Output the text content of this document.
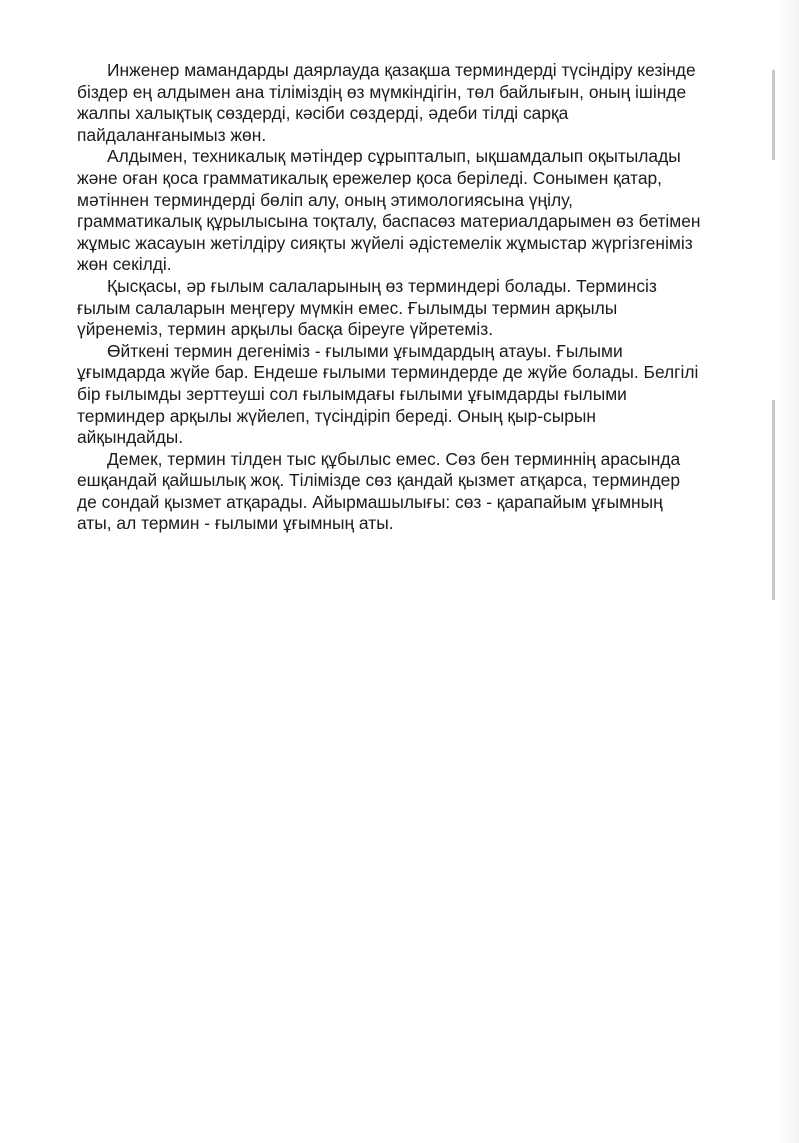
Инженер мамандарды даярлауда қазақша терминдерді түсіндіру кезінде
біздер ең алдымен ана тіліміздің өз мүмкіндігін, төл байлығын, оның ішінде
жалпы халықтық сөздерді, кәсіби сөздерді, әдеби тілді сарқа
пайдаланғанымыз жөн.

Алдымен, техникалық мәтіндер сұрыпталып, ықшамдалып оқытылады
және оған қоса грамматикалық ережелер қоса беріледі. Сонымен қатар,
мәтіннен терминдерді бөліп алу, оның этимологиясына үңілу,
грамматикалық құрылысына тоқталу, баспасөз материалдарымен өз бетімен
жұмыс жасауын жетілдіру сияқты жүйелі әдістемелік жұмыстар жүргізгеніміз
жөн секілді.

Қысқасы, әр ғылым салаларының өз терминдері болады. Терминсіз
ғылым салаларын меңгеру мүмкін емес. Ғылымды термин арқылы
үйренеміз, термин арқылы басқа біреуге үйретеміз.

Өйткені термин дегеніміз - ғылыми ұғымдардың атауы. Ғылыми
ұғымдарда жүйе бар. Ендеше ғылыми терминдерде де жүйе болады. Белгілі
бір ғылымды зерттеуші сол ғылымдағы ғылыми ұғымдарды ғылыми
терминдер арқылы жүйелеп, түсіндіріп береді. Оның қыр-сырын
айқындайды.

Демек, термин тілден тыс құбылыс емес. Сөз бен терминнің арасында
ешқандай қайшылық жоқ. Тілімізде сөз қандай қызмет атқарса, терминдер
де сондай қызмет атқарады. Айырмашылығы: сөз - қарапайым ұғымның
аты, ал термин - ғылыми ұғымның аты.
